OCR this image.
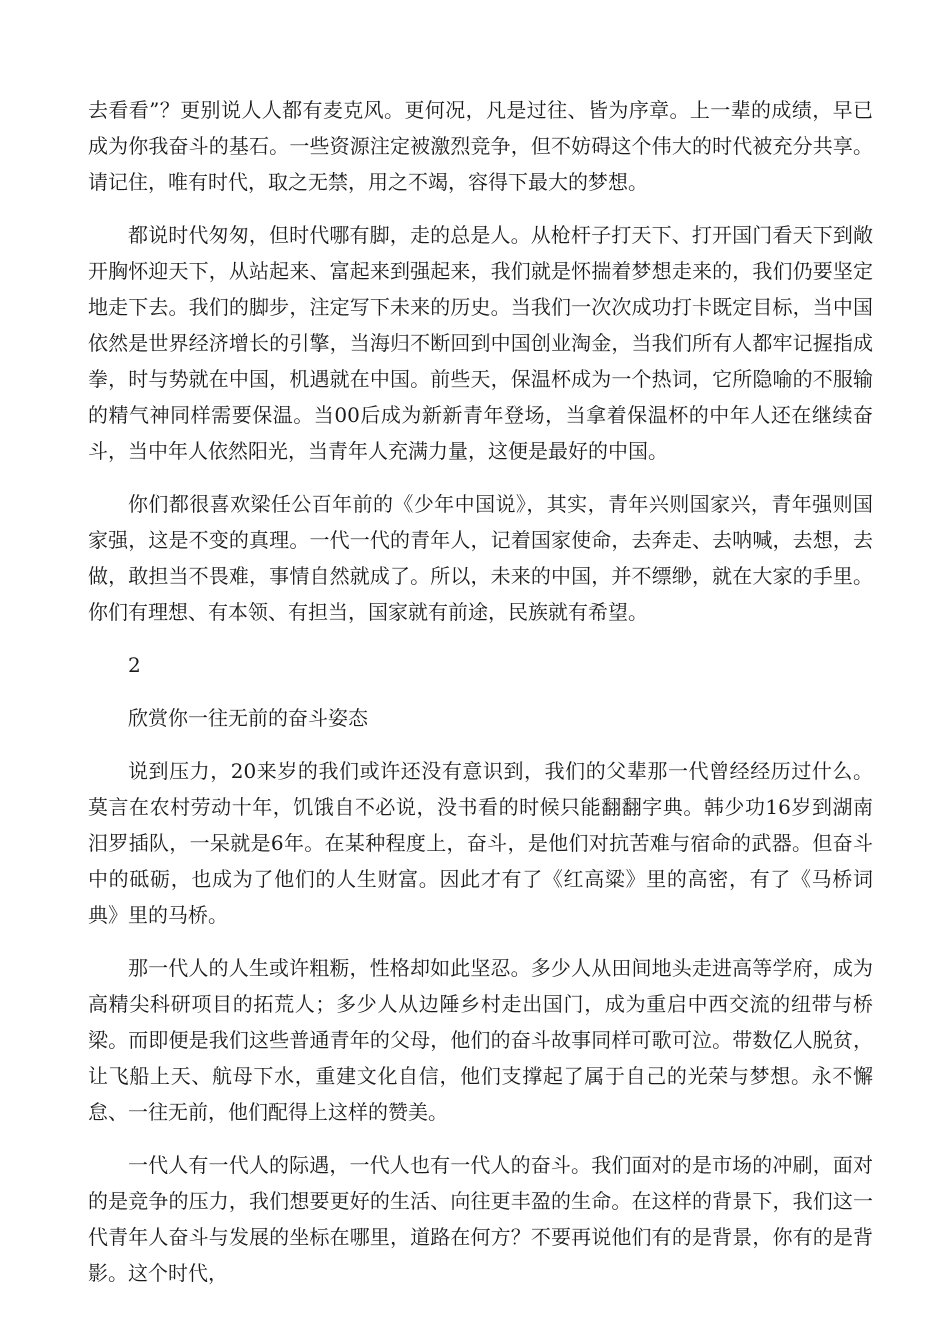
去看看”？更别说人人都有麦克风。更何况，凡是过往、皆为序章。上一辈的成绩，早已成为你我奋斗的基石。一些资源注定被激烈竞争，但不妨碍这个伟大的时代被充分共享。请记住，唯有时代，取之无禁，用之不竭，容得下最大的梦想。

都说时代匆匆，但时代哪有脚，走的总是人。从枪杆子打天下、打开国门看天下到敞开胸怀迎天下，从站起来、富起来到强起来，我们就是怀揣着梦想走来的，我们仍要坚定地走下去。我们的脚步，注定写下未来的历史。当我们一次次成功打卡既定目标，当中国依然是世界经济增长的引擎，当海归不断回到中国创业淘金，当我们所有人都牢记握指成拳，时与势就在中国，机遇就在中国。前些天，保温杯成为一个热词，它所隐喻的不服输的精气神同样需要保温。当00后成为新新青年登场，当拿着保温杯的中年人还在继续奋斗，当中年人依然阳光，当青年人充满力量，这便是最好的中国。

你们都很喜欢梁任公百年前的《少年中国说》，其实，青年兴则国家兴，青年强则国家强，这是不变的真理。一代一代的青年人，记着国家使命，去奔走、去呐喊，去想，去做，敢担当不畏难，事情自然就成了。所以，未来的中国，并不缥缈，就在大家的手里。你们有理想、有本领、有担当，国家就有前途，民族就有希望。

2

欣赏你一往无前的奋斗姿态

说到压力，20来岁的我们或许还没有意识到，我们的父辈那一代曾经经历过什么。莫言在农村劳动十年，饥饿自不必说，没书看的时候只能翻翻字典。韩少功16岁到湖南汨罗插队，一呆就是6年。在某种程度上，奋斗，是他们对抗苦难与宿命的武器。但奋斗中的砥砺，也成为了他们的人生财富。因此才有了《红高粱》里的高密，有了《马桥词典》里的马桥。

那一代人的人生或许粗粝，性格却如此坚忍。多少人从田间地头走进高等学府，成为高精尖科研项目的拓荒人；多少人从边陲乡村走出国门，成为重启中西交流的纽带与桥梁。而即便是我们这些普通青年的父母，他们的奋斗故事同样可歌可泣。带数亿人脱贫，让飞船上天、航母下水，重建文化自信，他们支撑起了属于自己的光荣与梦想。永不懈怠、一往无前，他们配得上这样的赞美。

一代人有一代人的际遇，一代人也有一代人的奋斗。我们面对的是市场的冲刷，面对的是竞争的压力，我们想要更好的生活、向往更丰盈的生命。在这样的背景下，我们这一代青年人奋斗与发展的坐标在哪里，道路在何方？不要再说他们有的是背景，你有的是背影。这个时代，
